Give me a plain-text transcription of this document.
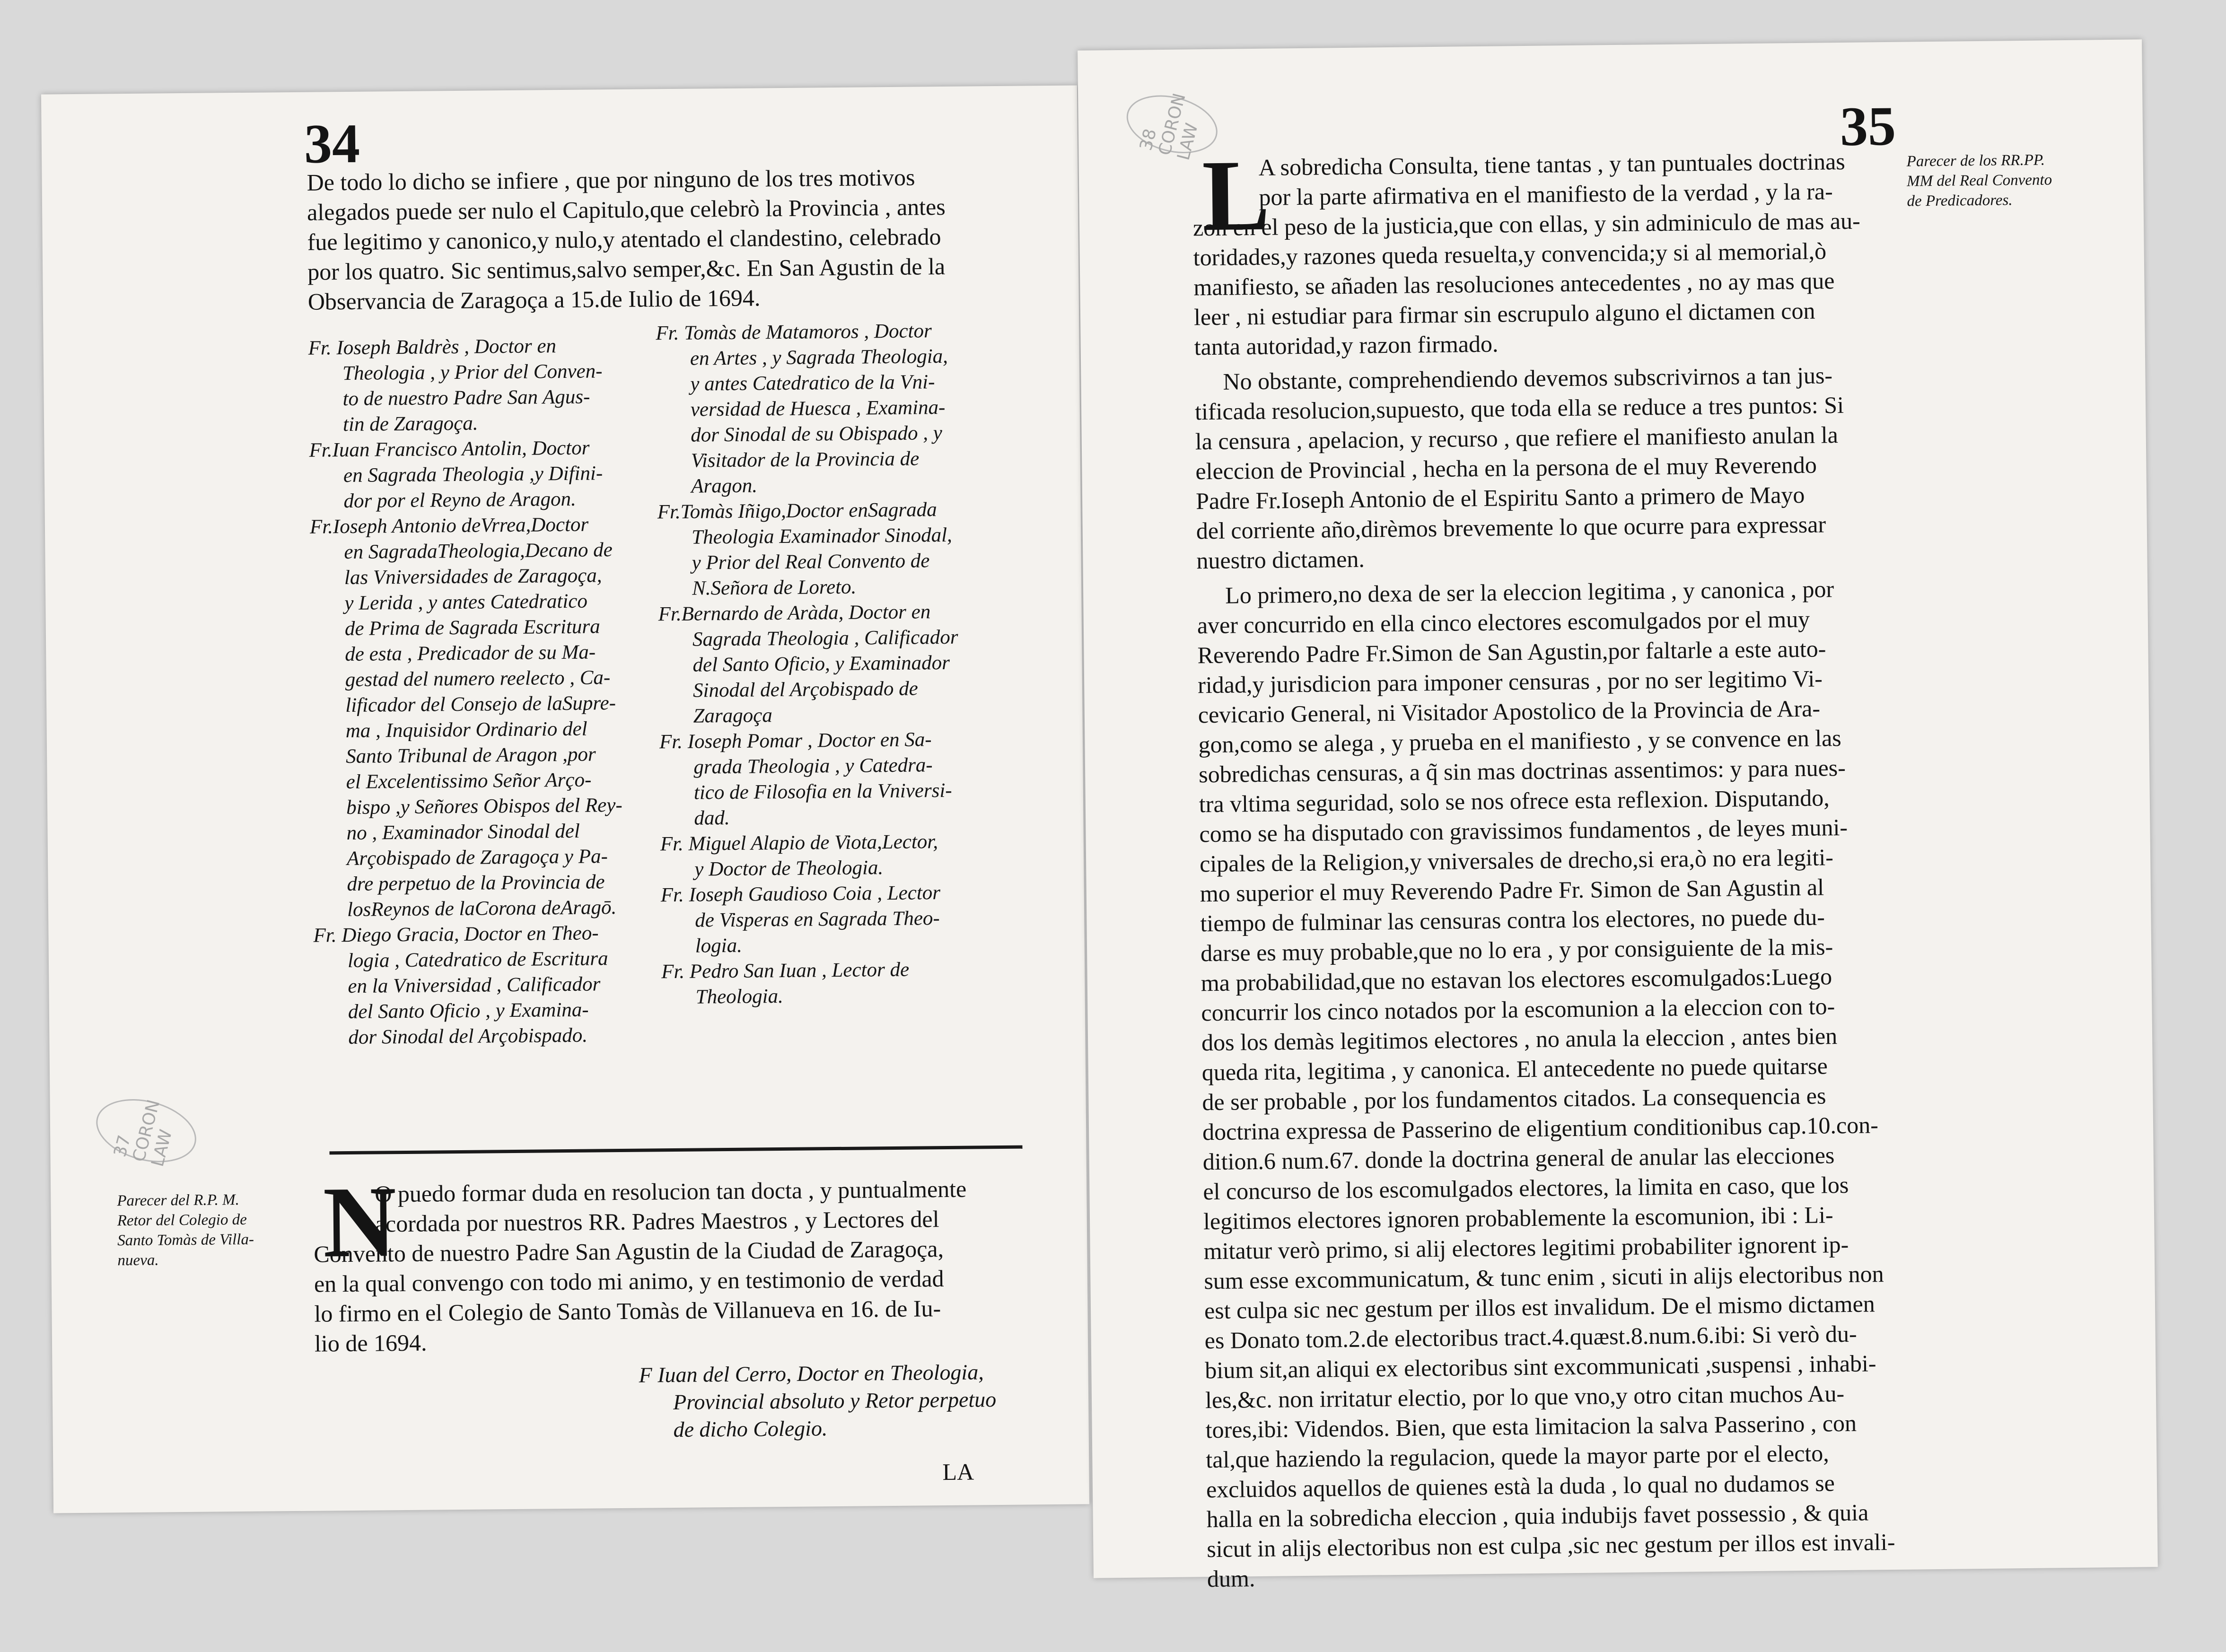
34
De todo lo dicho se infiere , que por ninguno de los tres motivos
alegados puede ser nulo el Capitulo,que celebrò la Provincia , antes
fue legitimo y canonico,y nulo,y atentado el clandestino, celebrado
por los quatro. Sic sentimus,salvo semper,&c. En San Agustin de la
Observancia de Zaragoça a 15.de Iulio de 1694.
Fr. Ioseph Baldrès , Doctor en
Theologia , y Prior del Conven-
to de nuestro Padre San Agus-
tin de Zaragoça.
Fr.Iuan Francisco Antolin, Doctor
en Sagrada Theologia ,y Difini-
dor por el Reyno de Aragon.
Fr.Ioseph Antonio deVrrea,Doctor
en SagradaTheologia,Decano de
las Vniversidades de Zaragoça,
y Lerida , y antes Catedratico
de Prima de Sagrada Escritura
de esta , Predicador de su Ma-
gestad del numero reelecto , Ca-
lificador del Consejo de laSupre-
ma , Inquisidor Ordinario del
Santo Tribunal de Aragon ,por
el Excelentissimo Señor Arço-
bispo ,y Señores Obispos del Rey-
no , Examinador Sinodal del
Arçobispado de Zaragoça y Pa-
dre perpetuo de la Provincia de
losReynos de laCorona deAragō.
Fr. Diego Gracia, Doctor en Theo-
logia , Catedratico de Escritura
en la Vniversidad , Calificador
del Santo Oficio , y Examina-
dor Sinodal del Arçobispado.
Fr. Tomàs de Matamoros , Doctor
en Artes , y Sagrada Theologia,
y antes Catedratico de la Vni-
versidad de Huesca , Examina-
dor Sinodal de su Obispado , y
Visitador de la Provincia de
Aragon.
Fr.Tomàs Iñigo,Doctor enSagrada
Theologia Examinador Sinodal,
y Prior del Real Convento de
N.Señora de Loreto.
Fr.Bernardo de Aràda, Doctor en
Sagrada Theologia , Calificador
del Santo Oficio, y Examinador
Sinodal del Arçobispado de
Zaragoça
Fr. Ioseph Pomar , Doctor en Sa-
grada Theologia , y Catedra-
tico de Filosofia en la Vniversi-
dad.
Fr. Miguel Alapio de Viota,Lector,
y Doctor de Theologia.
Fr. Ioseph Gaudioso Coia , Lector
de Visperas en Sagrada Theo-
logia.
Fr. Pedro San Iuan , Lector de
Theologia.
37 CORON LAW
Parecer del R.P. M.
Retor del Colegio de
Santo Tomàs de Villa-
nueva.	N
O puedo formar duda en resolucion tan docta , y puntualmente
acordada por nuestros RR. Padres Maestros , y Lectores del
Convento de nuestro Padre San Agustin de la Ciudad de Zaragoça,
en la qual convengo con todo mi animo, y en testimonio de verdad
lo firmo en el Colegio de Santo Tomàs de Villanueva en 16. de Iu-
lio de 1694.
F Iuan del Cerro, Doctor en Theologia,
Provincial absoluto y Retor perpetuo
de dicho Colegio.
LA
38 CORON LAW	35
Parecer de los RR.PP.
MM del Real Convento
de Predicadores.
L
A sobredicha Consulta, tiene tantas , y tan puntuales doctrinas
por la parte afirmativa en el manifiesto de la verdad , y la ra-
zon en el peso de la justicia,que con ellas, y sin adminiculo de mas au-
toridades,y razones queda resuelta,y convencida;y si al memorial,ò
manifiesto, se añaden las resoluciones antecedentes , no ay mas que
leer , ni estudiar para firmar sin escrupulo alguno el dictamen con
tanta autoridad,y razon firmado.
No obstante, comprehendiendo devemos subscrivirnos a tan jus-
tificada resolucion,supuesto, que toda ella se reduce a tres puntos: Si
la censura , apelacion, y recurso , que refiere el manifiesto anulan la
eleccion de Provincial , hecha en la persona de el muy Reverendo
Padre Fr.Ioseph Antonio de el Espiritu Santo a primero de Mayo
del corriente año,dirèmos brevemente lo que ocurre para expressar
nuestro dictamen.
Lo primero,no dexa de ser la eleccion legitima , y canonica , por
aver concurrido en ella cinco electores escomulgados por el muy
Reverendo Padre Fr.Simon de San Agustin,por faltarle a este auto-
ridad,y jurisdicion para imponer censuras , por no ser legitimo Vi-
cevicario General, ni Visitador Apostolico de la Provincia de Ara-
gon,como se alega , y prueba en el manifiesto , y se convence en las
sobredichas censuras, a q̃ sin mas doctrinas assentimos: y para nues-
tra vltima seguridad, solo se nos ofrece esta reflexion. Disputando,
como se ha disputado con gravissimos fundamentos , de leyes muni-
cipales de la Religion,y vniversales de drecho,si era,ò no era legiti-
mo superior el muy Reverendo Padre Fr. Simon de San Agustin al
tiempo de fulminar las censuras contra los electores, no puede du-
darse es muy probable,que no lo era , y por consiguiente de la mis-
ma probabilidad,que no estavan los electores escomulgados:Luego
concurrir los cinco notados por la escomunion a la eleccion con to-
dos los demàs legitimos electores , no anula la eleccion , antes bien
queda rita, legitima , y canonica. El antecedente no puede quitarse
de ser probable , por los fundamentos citados. La consequencia es
doctrina expressa de Passerino de eligentium conditionibus cap.10.con-
dition.6 num.67. donde la doctrina general de anular las elecciones
el concurso de los escomulgados electores, la limita en caso, que los
legitimos electores ignoren probablemente la escomunion, ibi : Li-
mitatur verò primo, si alij electores legitimi probabiliter ignorent ip-
sum esse excommunicatum, & tunc enim , sicuti in alijs electoribus non
est culpa sic nec gestum per illos est invalidum. De el mismo dictamen
es Donato tom.2.de electoribus tract.4.quæst.8.num.6.ibi: Si verò du-
bium sit,an aliqui ex electoribus sint excommunicati ,suspensi , inhabi-
les,&c. non irritatur electio, por lo que vno,y otro citan muchos Au-
tores,ibi: Videndos. Bien, que esta limitacion la salva Passerino , con
tal,que haziendo la regulacion, quede la mayor parte por el electo,
excluidos aquellos de quienes està la duda , lo qual no dudamos se
halla en la sobredicha eleccion , quia indubijs favet possessio , & quia
sicut in alijs electoribus non est culpa ,sic nec gestum per illos est invali-
dum.
